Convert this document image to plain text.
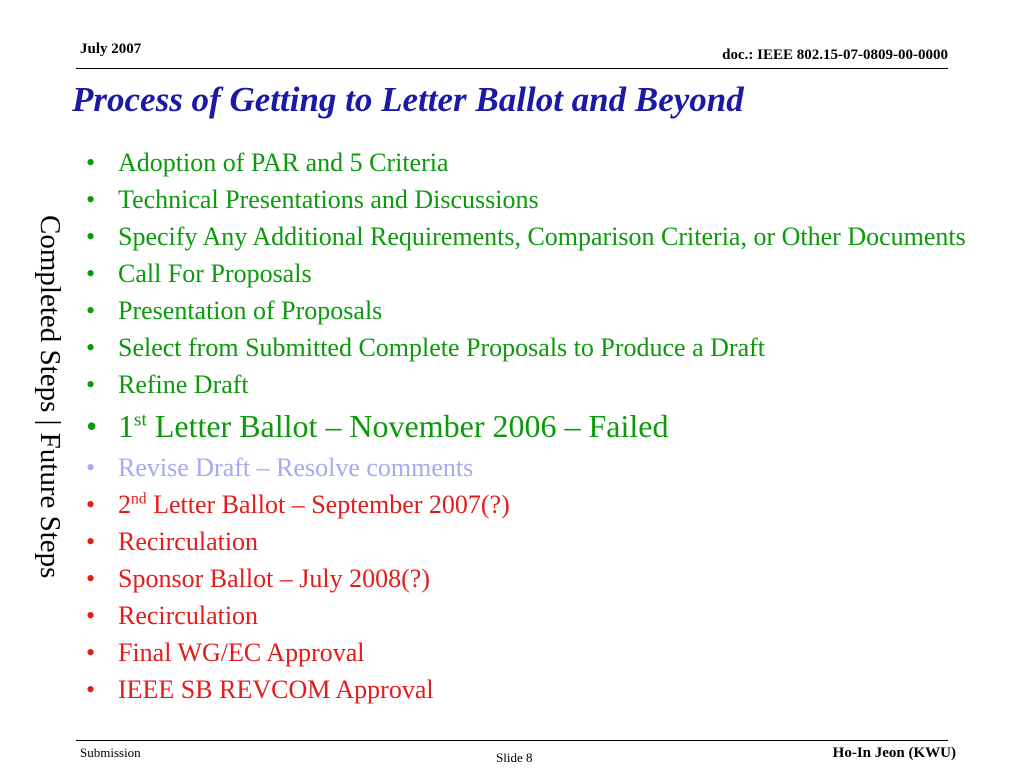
July 2007	doc.: IEEE 802.15-07-0809-00-0000
Process of Getting to Letter Ballot and Beyond
Completed Steps | Future Steps
• Adoption of PAR and 5 Criteria
• Technical Presentations and Discussions
• Specify Any Additional Requirements, Comparison Criteria, or Other Documents
• Call For Proposals
• Presentation of Proposals
• Select from Submitted Complete Proposals to Produce a Draft
• Refine Draft
• 1st Letter Ballot – November 2006 – Failed
• Revise Draft – Resolve comments
• 2nd Letter Ballot – September 2007(?)
• Recirculation
• Sponsor Ballot – July 2008(?)
• Recirculation
• Final WG/EC Approval
• IEEE SB REVCOM Approval
Submission	Slide 8	Ho-In Jeon (KWU)
